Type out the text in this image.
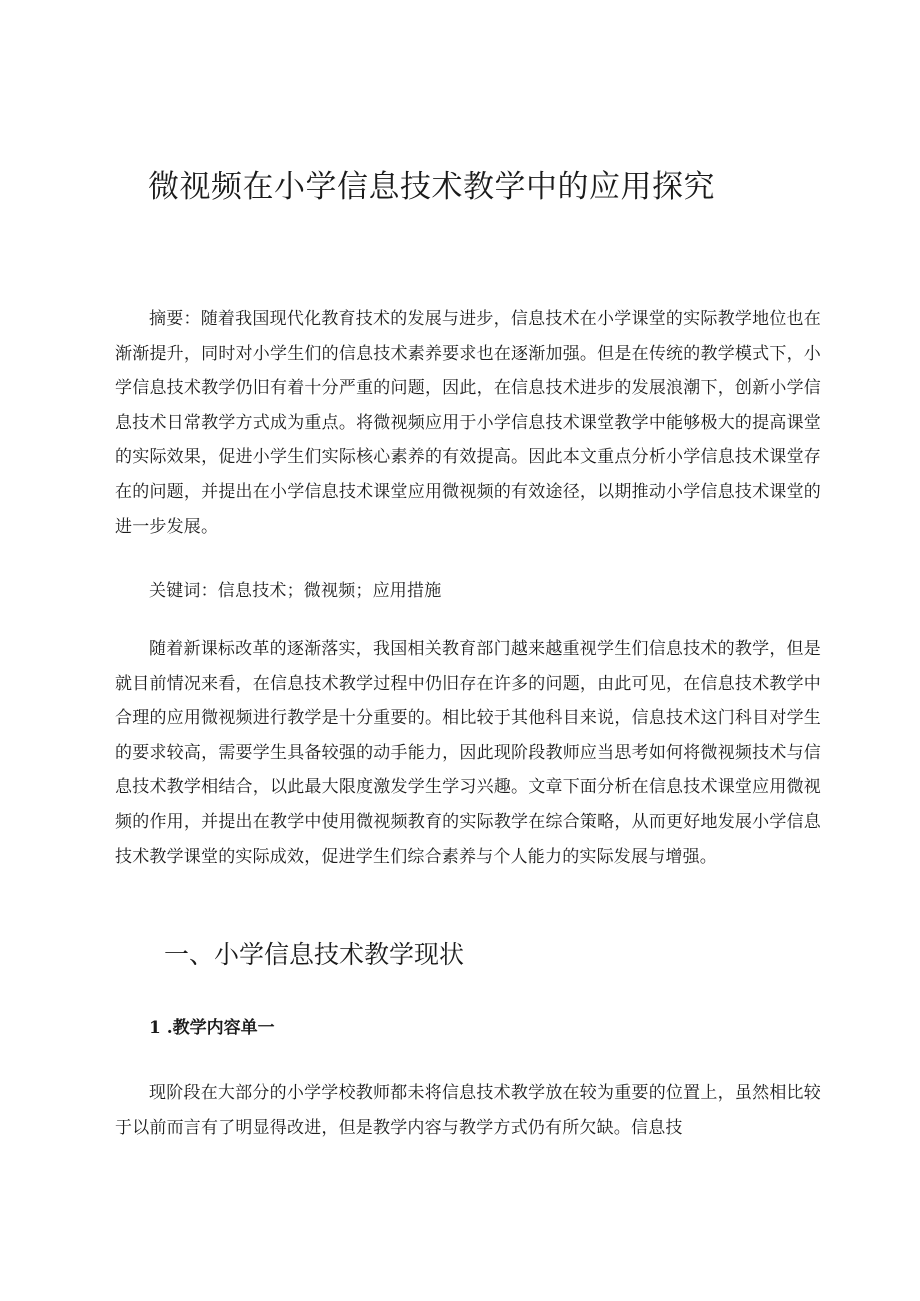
微视频在小学信息技术教学中的应用探究

摘要：随着我国现代化教育技术的发展与进步，信息技术在小学课堂的实际教学地位也在渐渐提升，同时对小学生们的信息技术素养要求也在逐渐加强。但是在传统的教学模式下，小学信息技术教学仍旧有着十分严重的问题，因此，在信息技术进步的发展浪潮下，创新小学信息技术日常教学方式成为重点。将微视频应用于小学信息技术课堂教学中能够极大的提高课堂的实际效果，促进小学生们实际核心素养的有效提高。因此本文重点分析小学信息技术课堂存在的问题，并提出在小学信息技术课堂应用微视频的有效途径，以期推动小学信息技术课堂的进一步发展。

关键词：信息技术；微视频；应用措施

随着新课标改革的逐渐落实，我国相关教育部门越来越重视学生们信息技术的教学，但是就目前情况来看，在信息技术教学过程中仍旧存在许多的问题，由此可见，在信息技术教学中合理的应用微视频进行教学是十分重要的。相比较于其他科目来说，信息技术这门科目对学生的要求较高，需要学生具备较强的动手能力，因此现阶段教师应当思考如何将微视频技术与信息技术教学相结合，以此最大限度激发学生学习兴趣。文章下面分析在信息技术课堂应用微视频的作用，并提出在教学中使用微视频教育的实际教学在综合策略，从而更好地发展小学信息技术教学课堂的实际成效，促进学生们综合素养与个人能力的实际发展与增强。

一、小学信息技术教学现状
1 .教学内容单一

现阶段在大部分的小学学校教师都未将信息技术教学放在较为重要的位置上，虽然相比较于以前而言有了明显得改进，但是教学内容与教学方式仍有所欠缺。信息技
